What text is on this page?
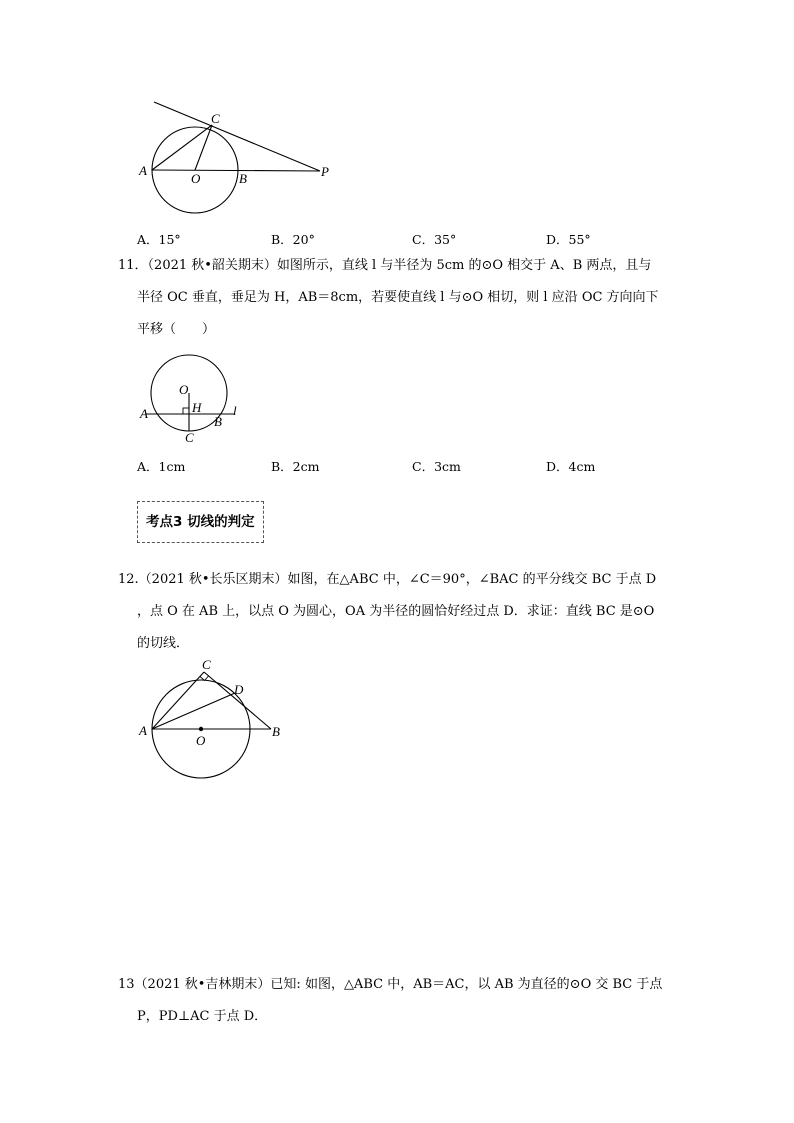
C
A
O	B	P
A．15°	B．20°	C．35°	D．55°
11．（2021 秋•韶关期末）如图所示，直线 l 与半径为 5cm 的⊙O 相交于 A、B 两点，且与
半径 OC 垂直，垂足为 H，AB＝8cm，若要使直线 l 与⊙O 相切，则 l 应沿 OC 方向向下
平移（　　）
O
H
A
B
l
C
A．1cm	B．2cm	C．3cm	D．4cm
考点3 切线的判定
12.（2021 秋•长乐区期末）如图，在△ABC 中，∠C＝90°，∠BAC 的平分线交 BC 于点 D
，点 O 在 AB 上，以点 O 为圆心，OA 为半径的圆恰好经过点 D．求证：直线 BC 是⊙O
的切线．
C
D
A
O
B
13（2021 秋•吉林期末）已知: 如图，△ABC 中，AB＝AC，以 AB 为直径的⊙O 交 BC 于点
P，PD⊥AC 于点 D．
